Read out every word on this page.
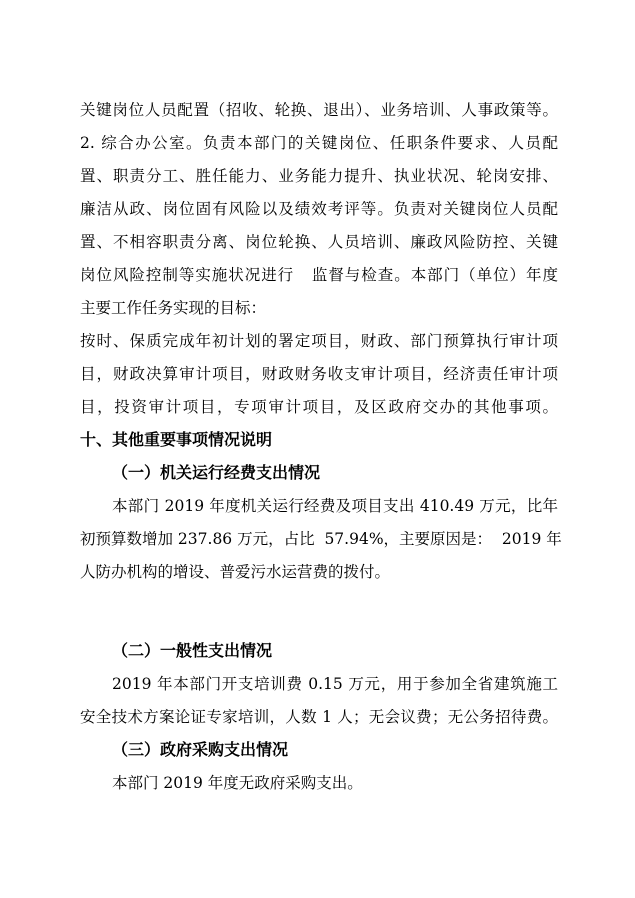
关键岗位人员配置（招收、轮换、退出）、业务培训、人事政策等。
2. 综合办公室。负责本部门的关键岗位、任职条件要求、人员配
置、职责分工、胜任能力、业务能力提升、执业状况、轮岗安排、
廉洁从政、岗位固有风险以及绩效考评等。负责对关键岗位人员配
置、不相容职责分离、岗位轮换、人员培训、廉政风险防控、关键
岗位风险控制等实施状况进行   监督与检查。本部门（单位）年度
主要工作任务实现的目标：
按时、保质完成年初计划的署定项目，财政、部门预算执行审计项
目，财政决算审计项目，财政财务收支审计项目，经济责任审计项
目，投资审计项目，专项审计项目，及区政府交办的其他事项。
十、其他重要事项情况说明
（一）机关运行经费支出情况
本部门 2019 年度机关运行经费及项目支出 410.49 万元，比年
初预算数增加 237.86 万元，占比  57.94%，主要原因是：  2019 年
人防办机构的增设、普爱污水运营费的拨付。
（二）一般性支出情况
2019 年本部门开支培训费 0.15 万元，用于参加全省建筑施工
安全技术方案论证专家培训，人数 1 人；无会议费；无公务招待费。
（三）政府采购支出情况
本部门 2019 年度无政府采购支出。
